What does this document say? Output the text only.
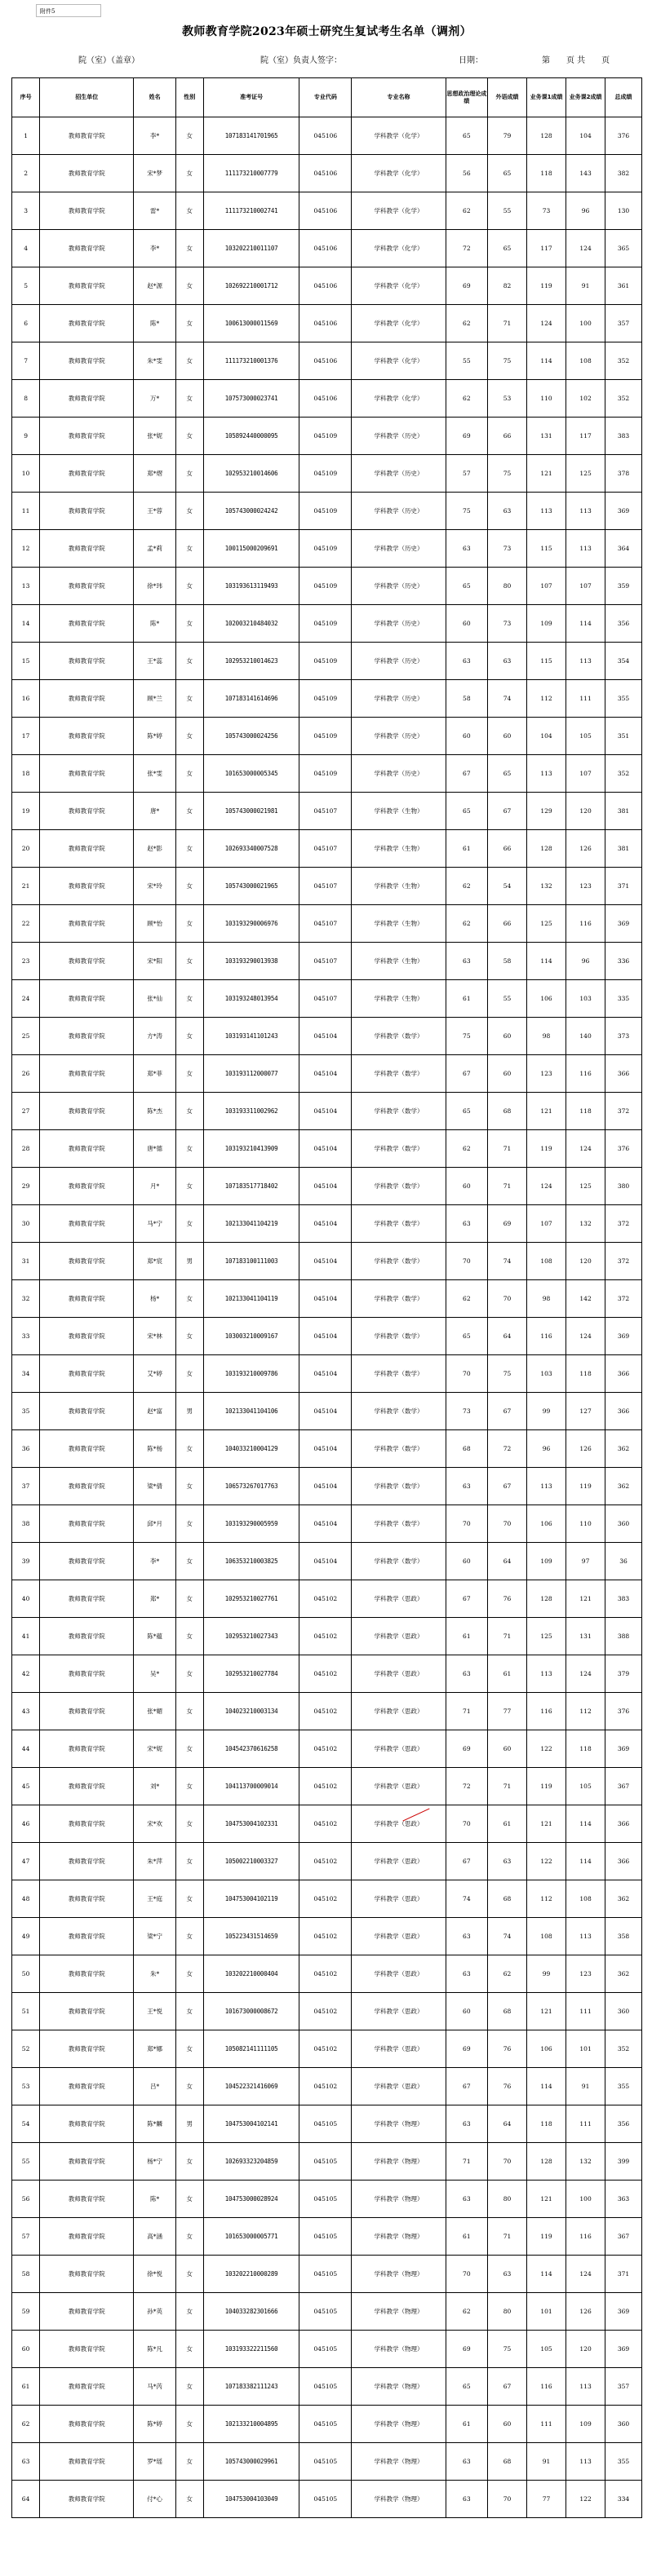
附件5
教师教育学院2023年硕士研究生复试考生名单（调剂）
院（室）（盖章）	院（室）负责人签字：	日期：	第　　页 共　　页
序号	招生单位	姓名	性别	准考证号	专业代码	专业名称	思想政治理论成绩	外语成绩	业务课1成绩	业务课2成绩	总成绩
1	教师教育学院	李*	女	107183141701965	045106	学科教学（化学）	65	79	128	104	376
2	教师教育学院	宋*梦	女	111173210007779	045106	学科教学（化学）	56	65	118	143	382
3	教师教育学院	雷*	女	111173210002741	045106	学科教学（化学）	62	55	73	96	130
4	教师教育学院	李*	女	103202210011107	045106	学科教学（化学）	72	65	117	124	365
5	教师教育学院	赵*源	女	102692210001712	045106	学科教学（化学）	69	82	119	91	361
6	教师教育学院	陈*	女	100613000011569	045106	学科教学（化学）	62	71	124	100	357
7	教师教育学院	朱*雯	女	111173210001376	045106	学科教学（化学）	55	75	114	108	352
8	教师教育学院	万*	女	107573000023741	045106	学科教学（化学）	62	53	110	102	352
9	教师教育学院	张*妮	女	105892440000095	045109	学科教学（历史）	69	66	131	117	383
10	教师教育学院	郑*熠	女	102953210014606	045109	学科教学（历史）	57	75	121	125	378
11	教师教育学院	王*蓉	女	105743000024242	045109	学科教学（历史）	75	63	113	113	369
12	教师教育学院	孟*莉	女	100115000209691	045109	学科教学（历史）	63	73	115	113	364
13	教师教育学院	徐*玮	女	103193613119493	045109	学科教学（历史）	65	80	107	107	359
14	教师教育学院	陈*	女	102003210484032	045109	学科教学（历史）	60	73	109	114	356
15	教师教育学院	王*蕊	女	102953210014623	045109	学科教学（历史）	63	63	115	113	354
16	教师教育学院	顾*兰	女	107183141614696	045109	学科教学（历史）	58	74	112	111	355
17	教师教育学院	陈*婷	女	105743000024256	045109	学科教学（历史）	60	60	104	105	351
18	教师教育学院	张*雯	女	101653000005345	045109	学科教学（历史）	67	65	113	107	352
19	教师教育学院	唐*	女	105743000021981	045107	学科教学（生物）	65	67	129	120	381
20	教师教育学院	赵*影	女	102693340007528	045107	学科教学（生物）	61	66	128	126	381
21	教师教育学院	宋*玲	女	105743000021965	045107	学科教学（生物）	62	54	132	123	371
22	教师教育学院	顾*怡	女	103193290006976	045107	学科教学（生物）	62	66	125	116	369
23	教师教育学院	宋*阳	女	103193290013938	045107	学科教学（生物）	63	58	114	96	336
24	教师教育学院	张*仙	女	103193248013954	045107	学科教学（生物）	61	55	106	103	335
25	教师教育学院	方*涛	女	103193141101243	045104	学科教学（数学）	75	60	98	140	373
26	教师教育学院	郑*菲	女	103193112000077	045104	学科教学（数学）	67	60	123	116	366
27	教师教育学院	陈*杰	女	103193311002962	045104	学科教学（数学）	65	68	121	118	372
28	教师教育学院	唐*德	女	103193210413909	045104	学科教学（数学）	62	71	119	124	376
29	教师教育学院	月*	女	107183517718402	045104	学科教学（数学）	60	71	124	125	380
30	教师教育学院	马*宁	女	102133041104219	045104	学科教学（数学）	63	69	107	132	372
31	教师教育学院	郑*宸	男	107183100111003	045104	学科教学（数学）	70	74	108	120	372
32	教师教育学院	杨*	女	102133041104119	045104	学科教学（数学）	62	70	98	142	372
33	教师教育学院	宋*林	女	103003210009167	045104	学科教学（数学）	65	64	116	124	369
34	教师教育学院	艾*婷	女	103193210009786	045104	学科教学（数学）	70	75	103	118	366
35	教师教育学院	赵*富	男	102133041104106	045104	学科教学（数学）	73	67	99	127	366
36	教师教育学院	陈*杨	女	104033210004129	045104	学科教学（数学）	68	72	96	126	362
37	教师教育学院	梁*倩	女	106573267017763	045104	学科教学（数学）	63	67	113	119	362
38	教师教育学院	邱*月	女	103193290005959	045104	学科教学（数学）	70	70	106	110	360
39	教师教育学院	李*	女	106353210003825	045104	学科教学（数学）	60	64	109	97	36
40	教师教育学院	郑*	女	102953210027761	045102	学科教学（思政）	67	76	128	121	383
41	教师教育学院	陈*蕴	女	102953210027343	045102	学科教学（思政）	61	71	125	131	388
42	教师教育学院	吴*	女	102953210027784	045102	学科教学（思政）	63	61	113	124	379
43	教师教育学院	张*媚	女	104023210003134	045102	学科教学（思政）	71	77	116	112	376
44	教师教育学院	宋*妮	女	104542370616258	045102	学科教学（思政）	69	60	122	118	369
45	教师教育学院	刘*	女	104113700009014	045102	学科教学（思政）	72	71	119	105	367
46	教师教育学院	宋*欢	女	104753004102331	045102	学科教学（思政）	70	61	121	114	366
47	教师教育学院	朱*萍	女	105002210003327	045102	学科教学（思政）	67	63	122	114	366
48	教师教育学院	王*庭	女	104753004102119	045102	学科教学（思政）	74	68	112	108	362
49	教师教育学院	梁*宁	女	105223431514659	045102	学科教学（思政）	63	74	108	113	358
50	教师教育学院	朱*	女	103202210000404	045102	学科教学（思政）	63	62	99	123	362
51	教师教育学院	王*悦	女	101673000008672	045102	学科教学（思政）	60	68	121	111	360
52	教师教育学院	郑*娜	女	105082141111105	045102	学科教学（思政）	69	76	106	101	352
53	教师教育学院	吕*	女	104522321416069	045102	学科教学（思政）	67	76	114	91	355
54	教师教育学院	陈*麟	男	104753004102141	045105	学科教学（物理）	63	64	118	111	356
55	教师教育学院	杨*宁	女	102693323204859	045105	学科教学（物理）	71	70	128	132	399
56	教师教育学院	陈*	女	104753000028924	045105	学科教学（物理）	63	80	121	100	363
57	教师教育学院	高*涵	女	101653000005771	045105	学科教学（物理）	61	71	119	116	367
58	教师教育学院	徐*悦	女	103202210000289	045105	学科教学（物理）	70	63	114	124	371
59	教师教育学院	孙*英	女	104033282301666	045105	学科教学（物理）	62	80	101	126	369
60	教师教育学院	陈*凡	女	103193322211560	045105	学科教学（物理）	69	75	105	120	369
61	教师教育学院	马*芮	女	107183382111243	045105	学科教学（物理）	65	67	116	113	357
62	教师教育学院	陈*婷	女	102133210004895	045105	学科教学（物理）	61	60	111	109	360
63	教师教育学院	罗*瑶	女	105743000029961	045105	学科教学（物理）	63	68	91	113	355
64	教师教育学院	付*心	女	104753004103049	045105	学科教学（物理）	63	70	77	122	334
